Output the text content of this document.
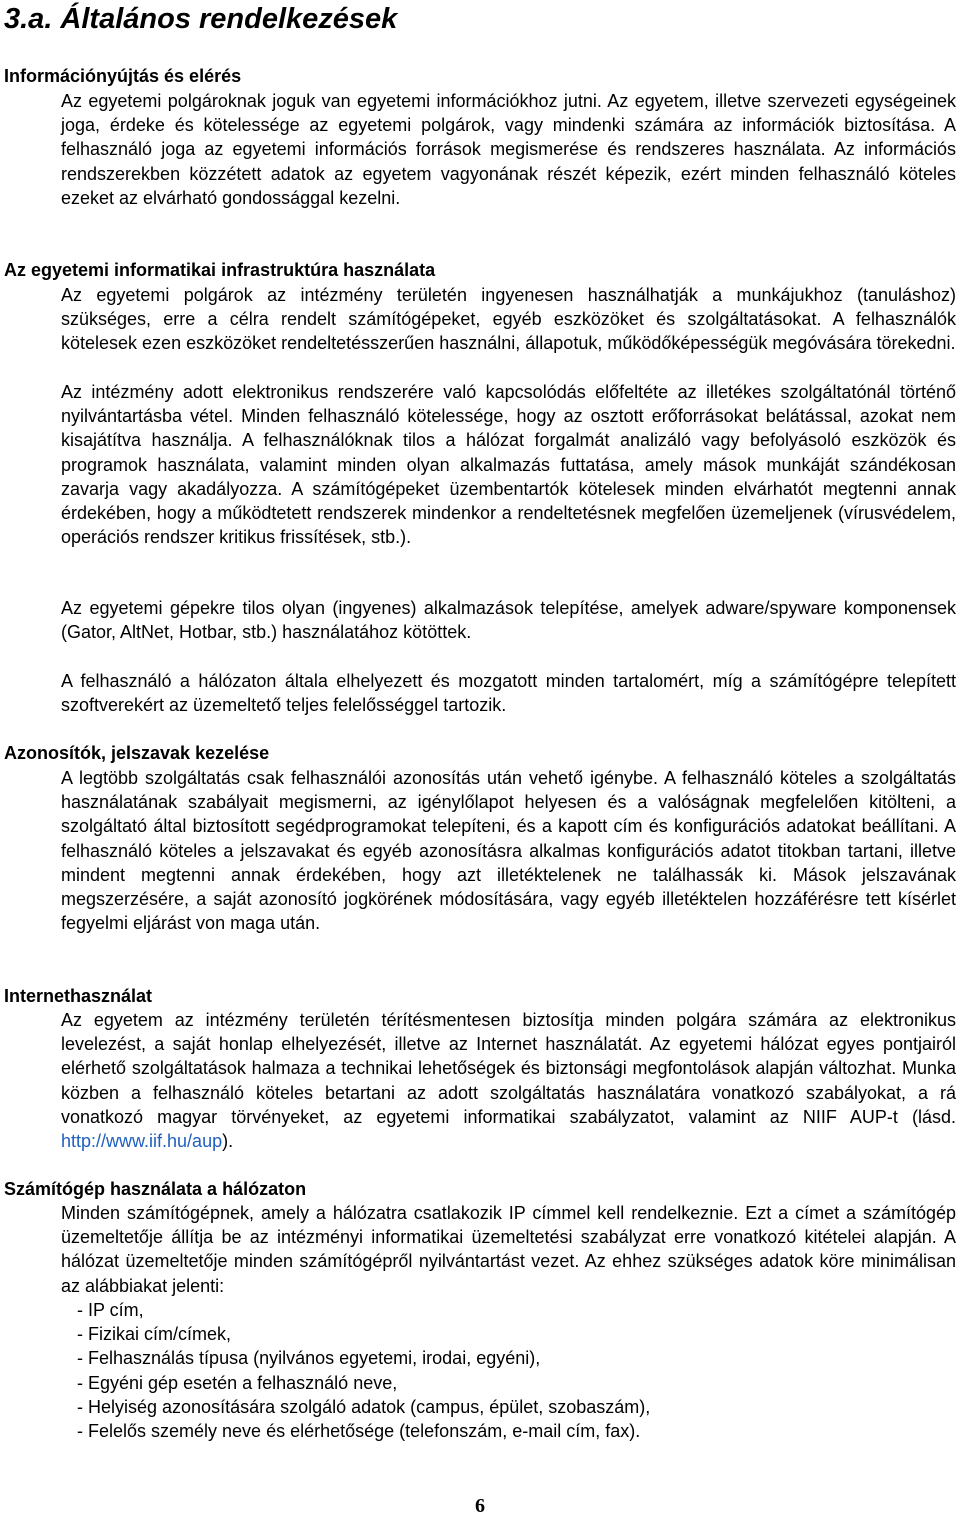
3.a. Általános rendelkezések
Információnyújtás és elérés

Az egyetemi polgároknak joguk van egyetemi információkhoz jutni. Az egyetem, illetve szervezeti egységeinek joga, érdeke és kötelessége az egyetemi polgárok, vagy mindenki számára az információk biztosítása. A felhasználó joga az egyetemi információs források megismerése és rendszeres használata. Az információs rendszerekben közzétett adatok az egyetem vagyonának részét képezik, ezért minden felhasználó köteles ezeket az elvárható gondossággal kezelni.

Az egyetemi informatikai infrastruktúra használata

Az egyetemi polgárok az intézmény területén ingyenesen használhatják a munkájukhoz (tanuláshoz) szükséges, erre a célra rendelt számítógépeket, egyéb eszközöket és szolgáltatásokat. A felhasználók kötelesek ezen eszközöket rendeltetésszerűen használni, állapotuk, működőképességük megóvására törekedni.

Az intézmény adott elektronikus rendszerére való kapcsolódás előfeltéte az illetékes szolgáltatónál történő nyilvántartásba vétel. Minden felhasználó kötelessége, hogy az osztott erőforrásokat belátással, azokat nem kisajátítva használja. A felhasználóknak tilos a hálózat forgalmát analizáló vagy befolyásoló eszközök és programok használata, valamint minden olyan alkalmazás futtatása, amely mások munkáját szándékosan zavarja vagy akadályozza. A számítógépeket üzembentartók kötelesek minden elvárhatót megtenni annak érdekében, hogy a működtetett rendszerek mindenkor a rendeltetésnek megfelően üzemeljenek (vírusvédelem, operációs rendszer kritikus frissítések, stb.).

Az egyetemi gépekre tilos olyan (ingyenes) alkalmazások telepítése, amelyek adware/spyware komponensek (Gator, AltNet, Hotbar, stb.) használatához kötöttek.

A felhasználó a hálózaton általa elhelyezett és mozgatott minden tartalomért, míg a számítógépre telepített szoftverekért az üzemeltető teljes felelősséggel tartozik.

Azonosítók, jelszavak kezelése

A legtöbb szolgáltatás csak felhasználói azonosítás után vehető igénybe. A felhasználó köteles a szolgáltatás használatának szabályait megismerni, az igénylőlapot helyesen és a valóságnak megfelelően kitölteni, a szolgáltató által biztosított segédprogramokat telepíteni, és a kapott cím és konfigurációs adatokat beállítani. A felhasználó köteles a jelszavakat és egyéb azonosításra alkalmas konfigurációs adatot titokban tartani, illetve mindent megtenni annak érdekében, hogy azt illetéktelenek ne találhassák ki. Mások jelszavának megszerzésére, a saját azonosító jogkörének módosítására, vagy egyéb illetéktelen hozzáférésre tett kísérlet fegyelmi eljárást von maga után.

Internethasználat

Az egyetem az intézmény területén térítésmentesen biztosítja minden polgára számára az elektronikus levelezést, a saját honlap elhelyezését, illetve az Internet használatát. Az egyetemi hálózat egyes pontjairól elérhető szolgáltatások halmaza a technikai lehetőségek és biztonsági megfontolások alapján változhat. Munka közben a felhasználó köteles betartani az adott szolgáltatás használatára vonatkozó szabályokat, a rá vonatkozó magyar törvényeket, az egyetemi informatikai szabályzatot, valamint az NIIF AUP-t (lásd. http://www.iif.hu/aup).

Számítógép használata a hálózaton

Minden számítógépnek, amely a hálózatra csatlakozik IP címmel kell rendelkeznie. Ezt a címet a számítógép üzemeltetője állítja be az intézményi informatikai üzemeltetési szabályzat erre vonatkozó kitételei alapján. A hálózat üzemeltetője minden számítógépről nyilvántartást vezet. Az ehhez szükséges adatok köre minimálisan az alábbiakat jelenti:

- IP cím,
- Fizikai cím/címek,
- Felhasználás típusa (nyilvános egyetemi, irodai, egyéni),
- Egyéni gép esetén a felhasználó neve,
- Helyiség azonosítására szolgáló adatok (campus, épület, szobaszám),
- Felelős személy neve és elérhetősége (telefonszám, e-mail cím, fax).
6
